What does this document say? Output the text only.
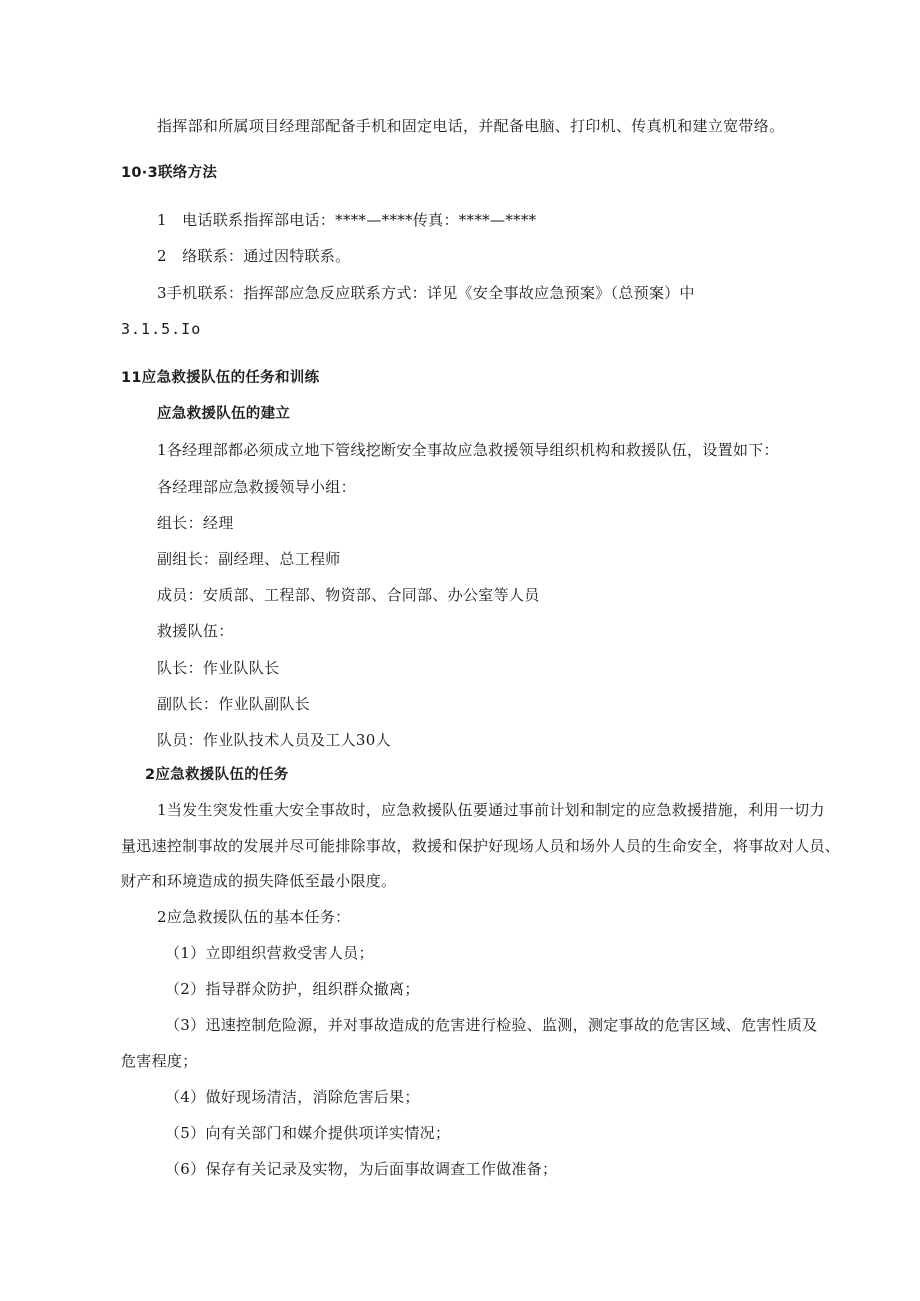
指挥部和所属项目经理部配备手机和固定电话，并配备电脑、打印机、传真机和建立宽带络。
10·3联络方法
1　电话联系指挥部电话：****—****传真：****—****
2　络联系：通过因特联系。
3手机联系：指挥部应急反应联系方式：详见《安全事故应急预案》（总预案）中
3.1.5.Io
11应急救援队伍的任务和训练
应急救援队伍的建立
1各经理部都必须成立地下管线挖断安全事故应急救援领导组织机构和救援队伍，设置如下：
各经理部应急救援领导小组：
组长：经理
副组长：副经理、总工程师
成员：安质部、工程部、物资部、合同部、办公室等人员
救援队伍：
队长：作业队队长
副队长：作业队副队长
队员：作业队技术人员及工人30人
2应急救援队伍的任务
1当发生突发性重大安全事故时，应急救援队伍要通过事前计划和制定的应急救援措施，利用一切力
量迅速控制事故的发展并尽可能排除事故，救援和保护好现场人员和场外人员的生命安全，将事故对人员、
财产和环境造成的损失降低至最小限度。
2应急救援队伍的基本任务：
（1）立即组织营救受害人员；
（2）指导群众防护，组织群众撤离；
（3）迅速控制危险源，并对事故造成的危害进行检验、监测，测定事故的危害区域、危害性质及
危害程度；
（4）做好现场清洁，消除危害后果；
（5）向有关部门和媒介提供项详实情况；
（6）保存有关记录及实物，为后面事故调查工作做准备；
